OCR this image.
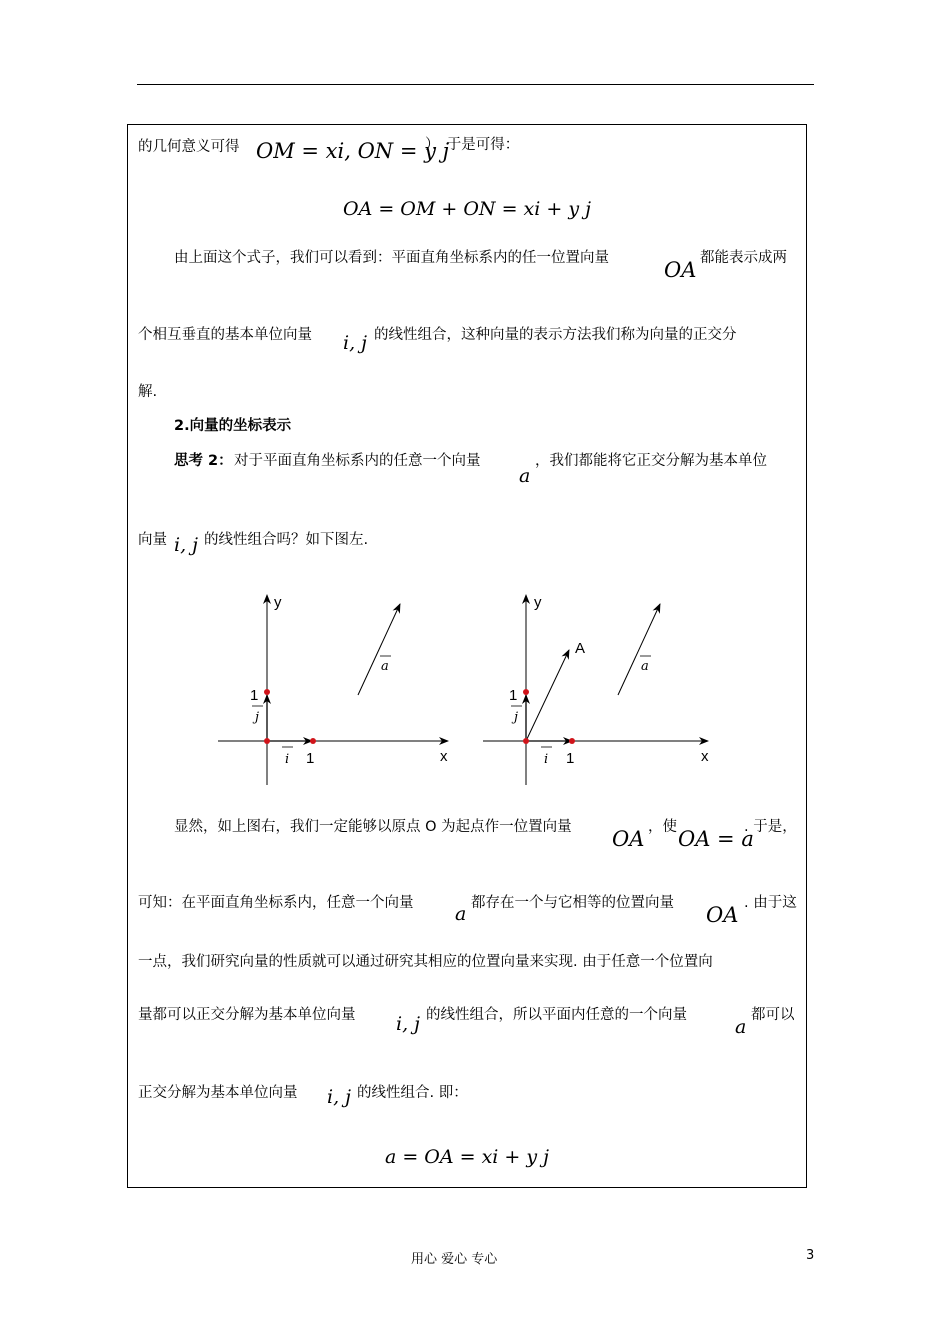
的几何意义可得 OM = xi, ON = y j
），于是可得：
OA = OM + ON = xi + y j
由上面这个式子，我们可以看到：平面直角坐标系内的任一位置向量	OA 都能表示成两
个相互垂直的基本单位向量 i, j 的线性组合，这种向量的表示方法我们称为向量的正交分
解.
2.向量的坐标表示
思考 2： 对于平面直角坐标系内的任意一个向量
a
，我们都能将它正交分解为基本单位
向量 i, j 的线性组合吗？如下图左.
y
x
1
1
j
i
a
y
x
1
1
A
j
i
a
显然，如上图右，我们一定能够以原点 O 为起点作一位置向量 OA ，使 OA = a
. 于是，
可知：在平面直角坐标系内，任意一个向量 a 都存在一个与它相等的位置向量 OA . 由于这
一点，我们研究向量的性质就可以通过研究其相应的位置向量来实现. 由于任意一个位置向
量都可以正交分解为基本单位向量 i, j 的线性组合，所以平面内任意的一个向量
a
都可以
正交分解为基本单位向量 i, j 的线性组合. 即：
a = OA = xi + y j
用心 爱心 专心	3
